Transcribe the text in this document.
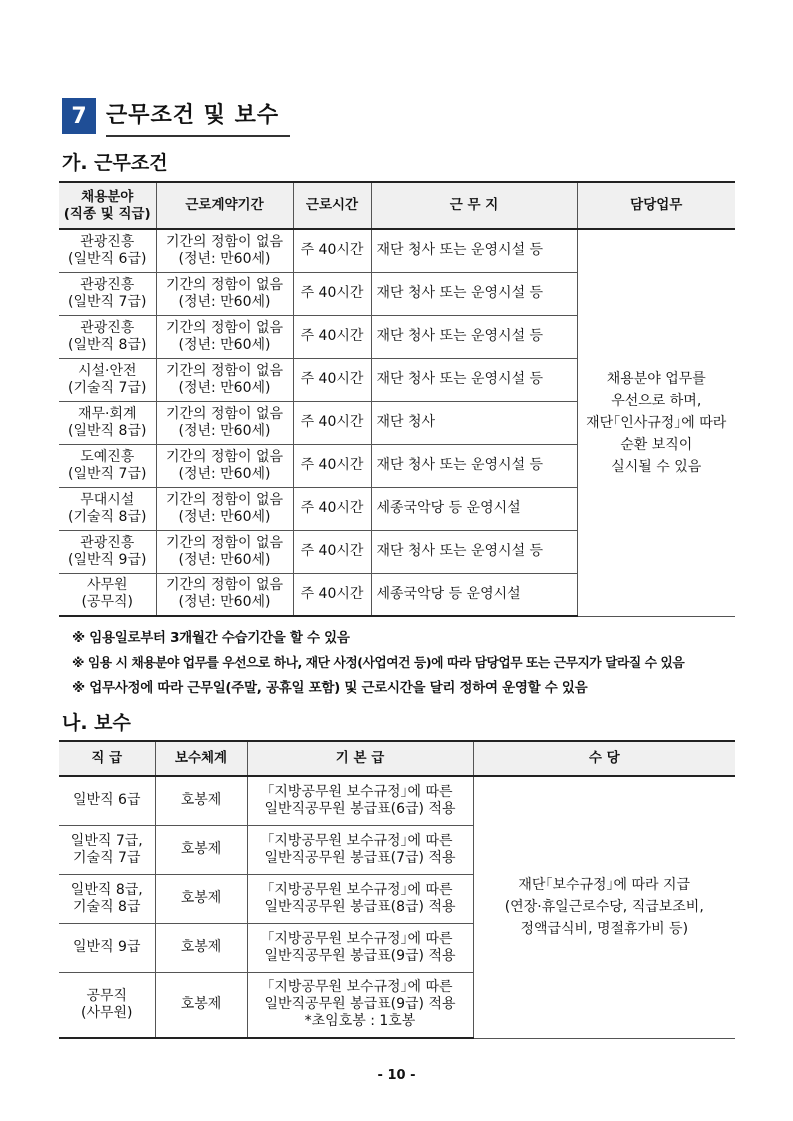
7 근무조건 및 보수
가. 근무조건
채용분야
(직종 및 직급)	근로계약기간	근로시간	근 무 지	담당업무

관광진흥
(일반직 6급)	기간의 정함이 없음
(정년: 만60세)	주 40시간	재단 청사 또는 운영시설 등	채용분야 업무를
우선으로 하며,
재단｢인사규정｣에 따라
순환 보직이
실시될 수 있음

관광진흥
(일반직 7급)	기간의 정함이 없음
(정년: 만60세)	주 40시간	재단 청사 또는 운영시설 등	

관광진흥
(일반직 8급)	기간의 정함이 없음
(정년: 만60세)	주 40시간	재단 청사 또는 운영시설 등	

시설·안전
(기술직 7급)	기간의 정함이 없음
(정년: 만60세)	주 40시간	재단 청사 또는 운영시설 등	

재무·회계
(일반직 8급)	기간의 정함이 없음
(정년: 만60세)	주 40시간	재단 청사	

도예진흥
(일반직 7급)	기간의 정함이 없음
(정년: 만60세)	주 40시간	재단 청사 또는 운영시설 등	

무대시설
(기술직 8급)	기간의 정함이 없음
(정년: 만60세)	주 40시간	세종국악당 등 운영시설	

관광진흥
(일반직 9급)	기간의 정함이 없음
(정년: 만60세)	주 40시간	재단 청사 또는 운영시설 등	

사무원
(공무직)	기간의 정함이 없음
(정년: 만60세)	주 40시간	세종국악당 등 운영시설	
※ 임용일로부터 3개월간 수습기간을 할 수 있음
※ 임용 시 채용분야 업무를 우선으로 하나, 재단 사정(사업여건 등)에 따라 담당업무 또는 근무지가 달라질 수 있음
※ 업무사정에 따라 근무일(주말, 공휴일 포함) 및 근로시간을 달리 정하여 운영할 수 있음
나. 보수
직 급	보수체계	기 본 급	수 당

일반직 6급	호봉제	｢지방공무원 보수규정｣에 따른
일반직공무원 봉급표(6급) 적용	재단｢보수규정｣에 따라 지급
(연장·휴일근로수당, 직급보조비,
정액급식비, 명절휴가비 등)

일반직 7급,
기술직 7급	호봉제	｢지방공무원 보수규정｣에 따른
일반직공무원 봉급표(7급) 적용	

일반직 8급,
기술직 8급	호봉제	｢지방공무원 보수규정｣에 따른
일반직공무원 봉급표(8급) 적용	

일반직 9급	호봉제	｢지방공무원 보수규정｣에 따른
일반직공무원 봉급표(9급) 적용	

공무직
(사무원)	호봉제	｢지방공무원 보수규정｣에 따른
일반직공무원 봉급표(9급) 적용
*초임호봉 : 1호봉	
- 10 -
